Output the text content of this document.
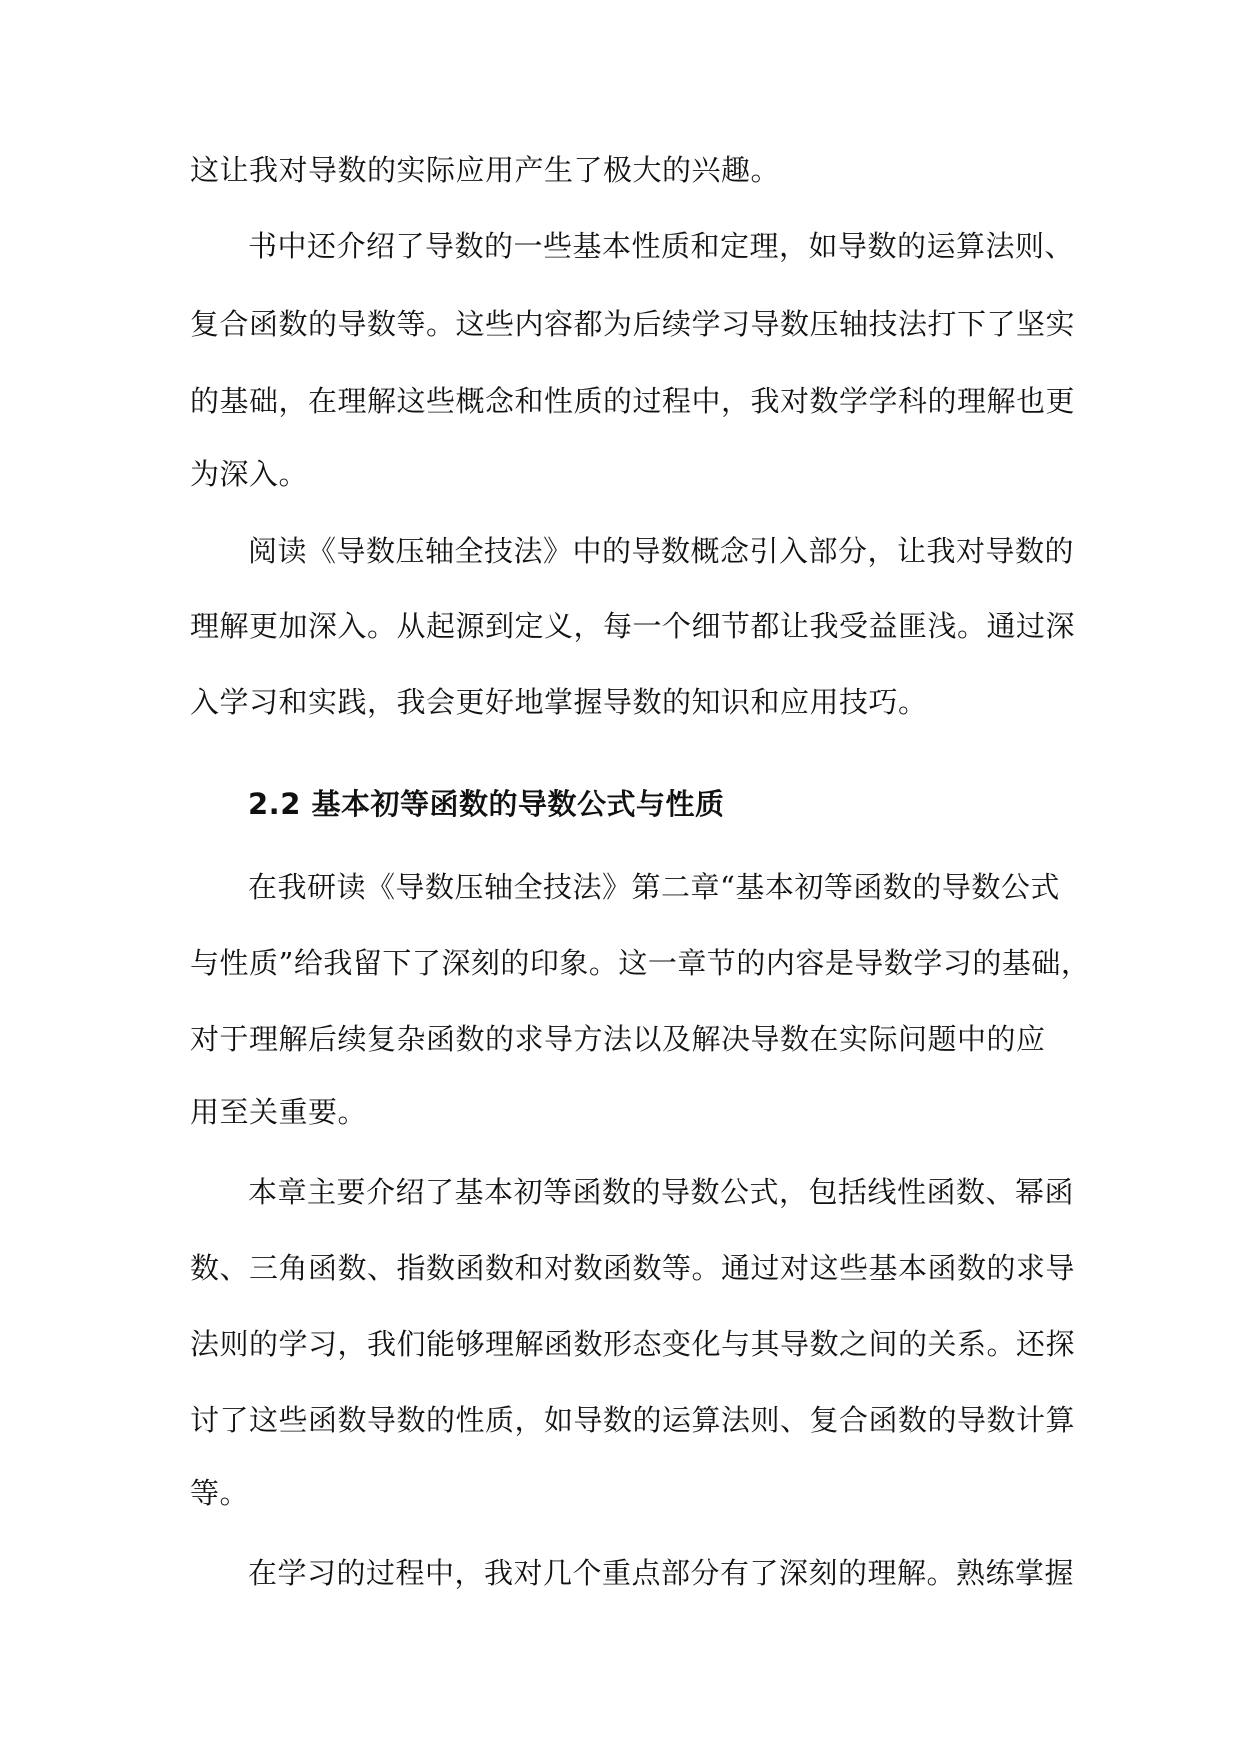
这让我对导数的实际应用产生了极大的兴趣。
书中还介绍了导数的一些基本性质和定理，如导数的运算法则、
复合函数的导数等。这些内容都为后续学习导数压轴技法打下了坚实
的基础，在理解这些概念和性质的过程中，我对数学学科的理解也更
为深入。
阅读《导数压轴全技法》中的导数概念引入部分，让我对导数的
理解更加深入。从起源到定义，每一个细节都让我受益匪浅。通过深
入学习和实践，我会更好地掌握导数的知识和应用技巧。
2.2 基本初等函数的导数公式与性质
在我研读《导数压轴全技法》第二章“基本初等函数的导数公式
与性质”给我留下了深刻的印象。这一章节的内容是导数学习的基础，
对于理解后续复杂函数的求导方法以及解决导数在实际问题中的应
用至关重要。
本章主要介绍了基本初等函数的导数公式，包括线性函数、幂函
数、三角函数、指数函数和对数函数等。通过对这些基本函数的求导
法则的学习，我们能够理解函数形态变化与其导数之间的关系。还探
讨了这些函数导数的性质，如导数的运算法则、复合函数的导数计算
等。
在学习的过程中，我对几个重点部分有了深刻的理解。熟练掌握
